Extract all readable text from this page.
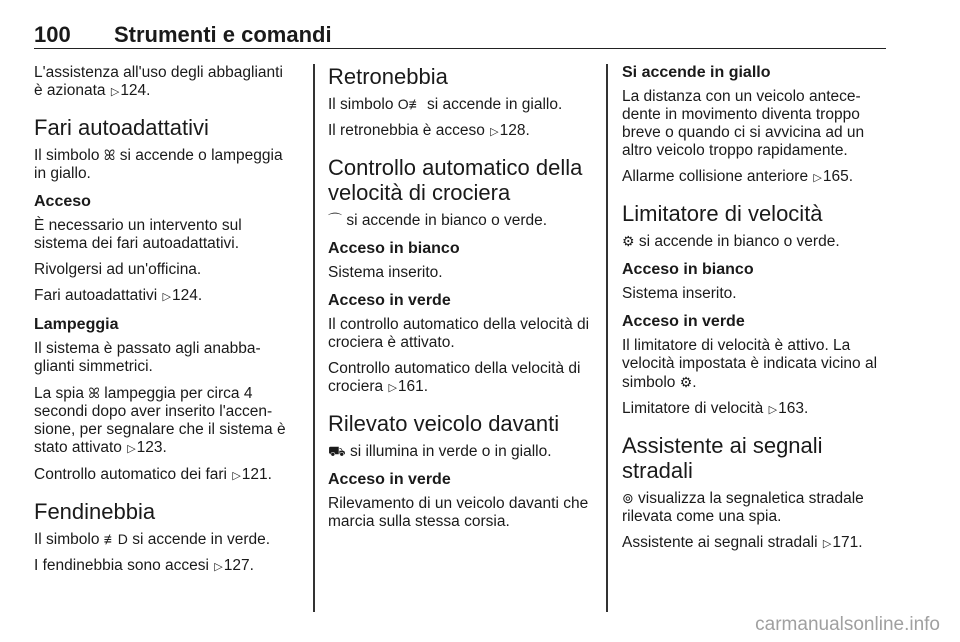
100 Strumenti e comandi

L'assistenza all'uso degli abbaglianti
è azionata ▷124.

Fari autoadattativi

Il simbolo ꕤ si accende o lampeggia in giallo.

Acceso

È necessario un intervento sul sistema dei fari autoadattativi.

Rivolgersi ad un'officina.

Fari autoadattativi ▷124.

Lampeggia

Il sistema è passato agli anabba- glianti simmetrici.

La spia ꕤ lampeggia per circa 4 secondi dopo aver inserito l'accen- sione, per segnalare che il sistema è stato attivato ▷123.

Controllo automatico dei fari ▷121.

Fendinebbia

Il simbolo ≢D si accende in verde.

I fendinebbia sono accesi ▷127.

Retronebbia

Il simbolo O≢ si accende in giallo.

Il retronebbia è acceso ▷128.

Controllo automatico della velocità di crociera

⌒ si accende in bianco o verde.

Acceso in bianco

Sistema inserito.

Acceso in verde

Il controllo automatico della velocità di crociera è attivato.

Controllo automatico della velocità di crociera ▷161.

Rilevato veicolo davanti

⛟ si illumina in verde o in giallo.

Acceso in verde

Rilevamento di un veicolo davanti che marcia sulla stessa corsia.

Si accende in giallo

La distanza con un veicolo antece- dente in movimento diventa troppo breve o quando ci si avvicina ad un altro veicolo troppo rapidamente.

Allarme collisione anteriore ▷165.

Limitatore di velocità

⚙ si accende in bianco o verde.

Acceso in bianco

Sistema inserito.

Acceso in verde

Il limitatore di velocità è attivo. La velocità impostata è indicata vicino al simbolo ⚙.

Limitatore di velocità ▷163.

Assistente ai segnali stradali

⊚ visualizza la segnaletica stradale rilevata come una spia.

Assistente ai segnali stradali ▷171.

carmanualsonline.info
